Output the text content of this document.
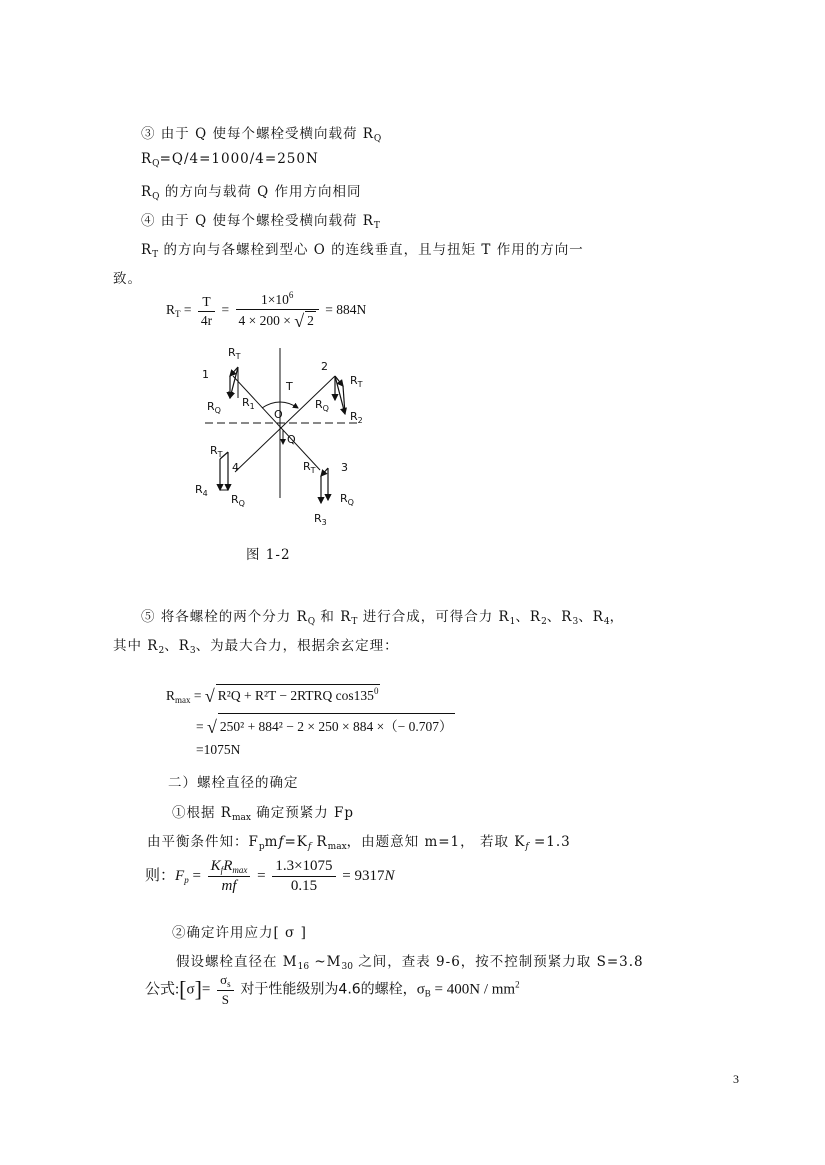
③ 由于 Q 使每个螺栓受横向载荷 $R_Q$
$R_Q=Q/4=1000/4=250N$
$R_Q$ 的方向与载荷 Q 作用方向相同
④ 由于 Q 使每个螺栓受横向载荷 $R_T$
$R_T$ 的方向与各螺栓到型心 O 的连线垂直，且与扭矩 T 作用的方向一
致。
$R_T = \frac{T}{4r} = \frac{1\times 10^6}{4 \times 200 \times √ 2} = 884N$
$R_T$
1
$R_Q$
$R_1$
T
O
Q
2
$R_T$
$R_Q$
$R_2$
$R_T$
4
$R_4$ $R_Q$
$R_T$ 3
$R_Q$
$R_3$
图 1-2
⑤ 将各螺栓的两个分力 $R_Q$ 和 $R_T$ 进行合成，可得合力 $R_1$、$R_2$、$R_3$、$R_4$，
其中 $R_2$、$R_3$、为最大合力，根据余玄定理：
$R_{max}$ = √ R²Q + R²T − 2RTRQ $\cos 135^0$
= √ 250² + 884² − 2 × 250 × 884 ×（− 0.707）
=1075N
二）螺栓直径的确定
①根据 $R_{max}$ 确定预紧力 Fp
由平衡条件知：$F_pmf=K_f$ $R_{max}$，由题意知 m=1， 若取 $K_f =1.3$
则：$F_p = \frac{K_fR_{max}}{mf} = \frac{1.3\times 1075}{0.15} = 9317N$
②确定许用应力[ σ ]
假设螺栓直径在 $M_{16}$ $\sim M_{30}$ 之间，查表 9-6，按不控制预紧力取 S=3.8
公式:[σ]= $\frac{\sigma_s}{S}$ 对于性能级别为4.6的螺栓，$\sigma_B = 400N / mm^2$
3
